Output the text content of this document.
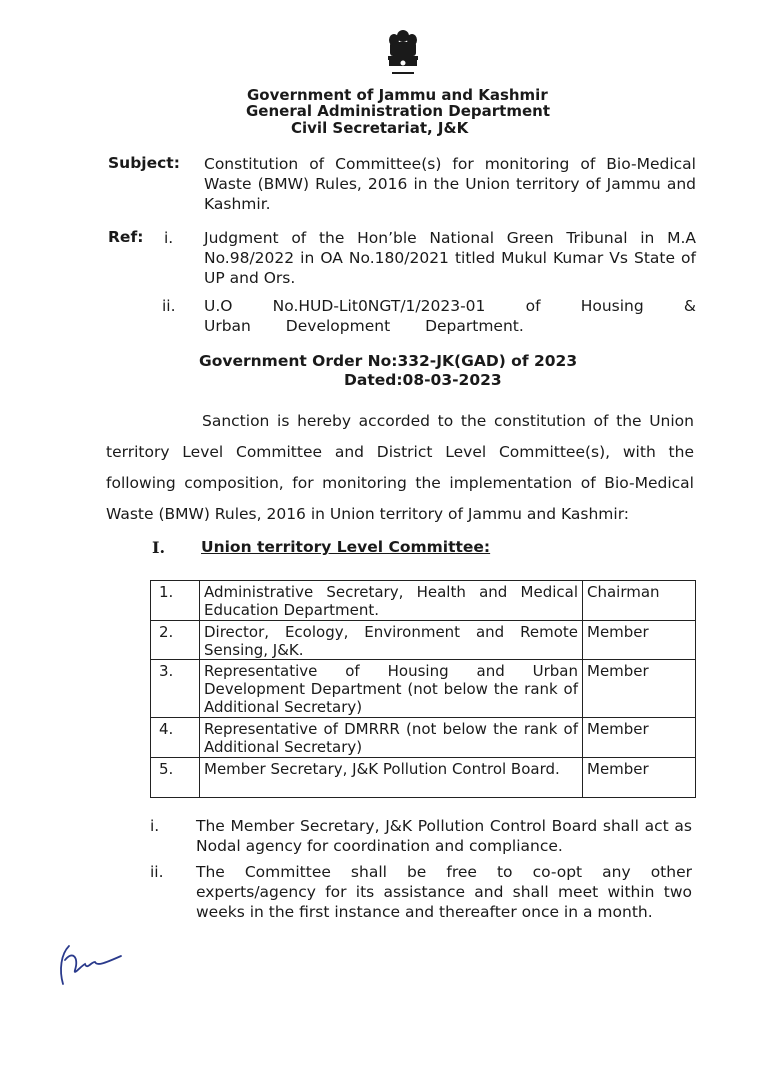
Government of Jammu and Kashmir
General Administration Department
Civil Secretariat, J&K
Subject: Constitution of Committee(s) for monitoring of Bio-Medical Waste (BMW) Rules, 2016 in the Union territory of Jammu and Kashmir.
Ref: i. Judgment of the Hon’ble National Green Tribunal in M.A No.98/2022 in OA No.180/2021 titled Mukul Kumar Vs State of UP and Ors.
ii. U.O No.HUD-Lit0NGT/1/2023-01 of Housing & Urban Development Department.
Government Order No:332-JK(GAD) of 2023
Dated:08-03-2023
Sanction is hereby accorded to the constitution of the Union territory Level Committee and District Level Committee(s), with the following composition, for monitoring the implementation of Bio-Medical Waste (BMW) Rules, 2016 in Union territory of Jammu and Kashmir:
I. Union territory Level Committee:
1.	Administrative Secretary, Health and Medical Education Department.	Chairman
2.	Director, Ecology, Environment and Remote Sensing, J&K.	Member
3.	Representative of Housing and Urban Development Department (not below the rank of Additional Secretary)	Member
4.	Representative of DMRRR (not below the rank of Additional Secretary)	Member
5.	Member Secretary, J&K Pollution Control Board.	Member
i. The Member Secretary, J&K Pollution Control Board shall act as Nodal agency for coordination and compliance.
ii. The Committee shall be free to co-opt any other experts/agency for its assistance and shall meet within two weeks in the first instance and thereafter once in a month.
